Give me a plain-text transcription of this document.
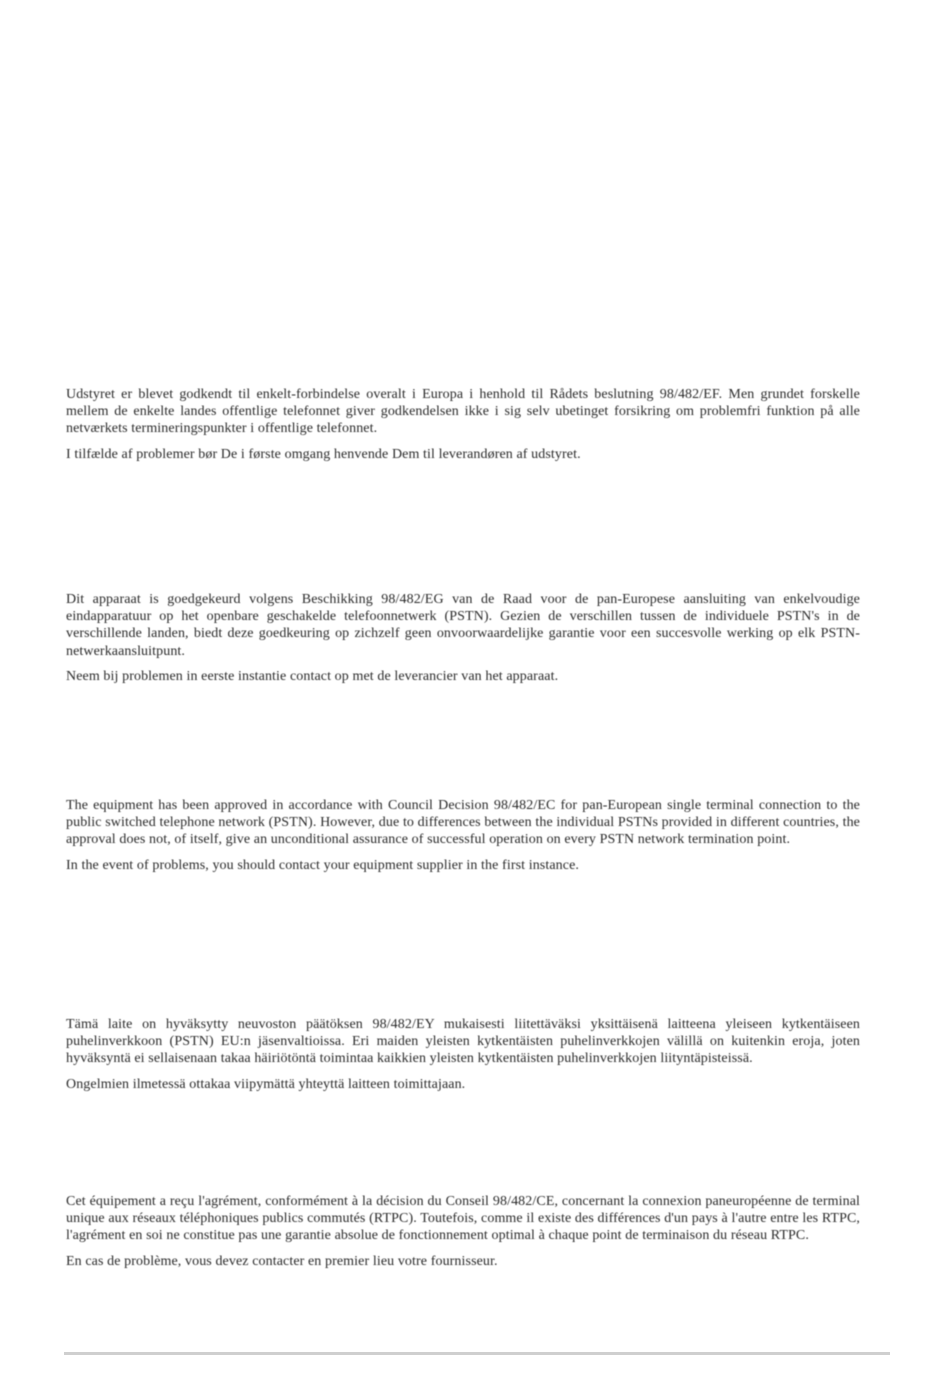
Udstyret er blevet godkendt til enkelt-forbindelse overalt i Europa i henhold til Rådets beslutning 98/482/EF. Men grundet forskelle mellem de enkelte landes offentlige telefonnet giver godkendelsen ikke i sig selv ubetinget forsikring om problemfri funktion på alle netværkets termineringspunkter i offentlige telefonnet.

I tilfælde af problemer bør De i første omgang henvende Dem til leverandøren af udstyret.

Dit apparaat is goedgekeurd volgens Beschikking 98/482/EG van de Raad voor de pan-Europese aansluiting van enkelvoudige eindapparatuur op het openbare geschakelde telefoonnetwerk (PSTN). Gezien de verschillen tussen de individuele PSTN's in de verschillende landen, biedt deze goedkeuring op zichzelf geen onvoorwaardelijke garantie voor een succesvolle werking op elk PSTN-netwerkaansluitpunt.

Neem bij problemen in eerste instantie contact op met de leverancier van het apparaat.

The equipment has been approved in accordance with Council Decision 98/482/EC for pan-European single terminal connection to the public switched telephone network (PSTN). However, due to differences between the individual PSTNs provided in different countries, the approval does not, of itself, give an unconditional assurance of successful operation on every PSTN network termination point.

In the event of problems, you should contact your equipment supplier in the first instance.

Tämä laite on hyväksytty neuvoston päätöksen 98/482/EY mukaisesti liitettäväksi yksittäisenä laitteena yleiseen kytkentäiseen puhelinverkkoon (PSTN) EU:n jäsenvaltioissa. Eri maiden yleisten kytkentäisten puhelinverkkojen välillä on kuitenkin eroja, joten hyväksyntä ei sellaisenaan takaa häiriötöntä toimintaa kaikkien yleisten kytkentäisten puhelinverkkojen liityntäpisteissä.

Ongelmien ilmetessä ottakaa viipymättä yhteyttä laitteen toimittajaan.

Cet équipement a reçu l'agrément, conformément à la décision du Conseil 98/482/CE, concernant la connexion paneuropéenne de terminal unique aux réseaux téléphoniques publics commutés (RTPC). Toutefois, comme il existe des différences d'un pays à l'autre entre les RTPC, l'agrément en soi ne constitue pas une garantie absolue de fonctionnement optimal à chaque point de terminaison du réseau RTPC.

En cas de problème, vous devez contacter en premier lieu votre fournisseur.
